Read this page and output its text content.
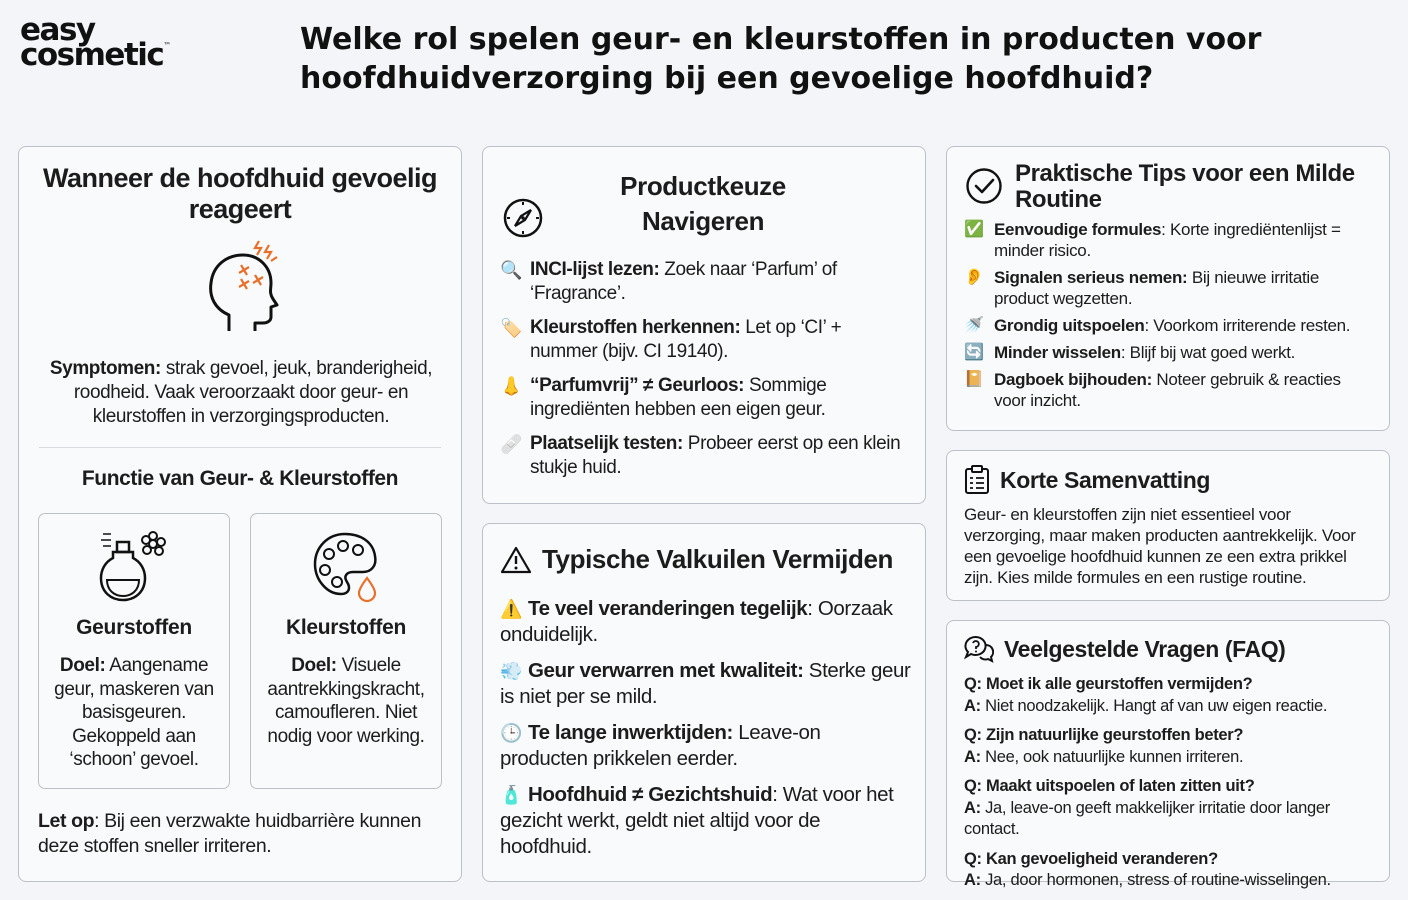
easy
cosmetic™	Welke rol spelen geur- en kleurstoffen in producten voor hoofdhuidverzorging bij een gevoelige hoofdhuid?
Wanneer de hoofdhuid gevoelig reageert
Symptomen: strak gevoel, jeuk, branderigheid, roodheid. Vaak veroorzaakt door geur- en kleurstoffen in verzorgingsproducten.
Functie van Geur- & Kleurstoffen
Geurstoffen
Doel: Aangename geur, maskeren van basisgeuren. Gekoppeld aan ‘schoon’ gevoel.
Kleurstoffen
Doel: Visuele aantrekkingskracht, camoufleren. Niet nodig voor werking.
Let op: Bij een verzwakte huidbarrière kunnen deze stoffen sneller irriteren.
Productkeuze Navigeren
🔍 INCI-lijst lezen: Zoek naar ‘Parfum’ of ‘Fragrance’.
🏷️ Kleurstoffen herkennen: Let op ‘CI’ + nummer (bijv. CI 19140).
👃 “Parfumvrij” ≠ Geurloos: Sommige ingrediënten hebben een eigen geur.
🩹 Plaatselijk testen: Probeer eerst op een klein stukje huid.
Typische Valkuilen Vermijden
⚠️ Te veel veranderingen tegelijk: Oorzaak onduidelijk.
💨 Geur verwarren met kwaliteit: Sterke geur is niet per se mild.
🕒 Te lange inwerktijden: Leave-on producten prikkelen eerder.
🧴 Hoofdhuid ≠ Gezichtshuid: Wat voor het gezicht werkt, geldt niet altijd voor de hoofdhuid.
Praktische Tips voor een Milde Routine
✅ Eenvoudige formules: Korte ingrediëntenlijst = minder risico.
👂 Signalen serieus nemen: Bij nieuwe irritatie product wegzetten.
🚿 Grondig uitspoelen: Voorkom irriterende resten.
🔄 Minder wisselen: Blijf bij wat goed werkt.
📔 Dagboek bijhouden: Noteer gebruik & reacties voor inzicht.
Korte Samenvatting
Geur- en kleurstoffen zijn niet essentieel voor verzorging, maar maken producten aantrekkelijk. Voor een gevoelige hoofdhuid kunnen ze een extra prikkel zijn. Kies milde formules en een rustige routine.
Veelgestelde Vragen (FAQ)
Q: Moet ik alle geurstoffen vermijden?
A: Niet noodzakelijk. Hangt af van uw eigen reactie.
Q: Zijn natuurlijke geurstoffen beter?
A: Nee, ook natuurlijke kunnen irriteren.
Q: Maakt uitspoelen of laten zitten uit?
A: Ja, leave-on geeft makkelijker irritatie door langer contact.
Q: Kan gevoeligheid veranderen?
A: Ja, door hormonen, stress of routine-wisselingen.
